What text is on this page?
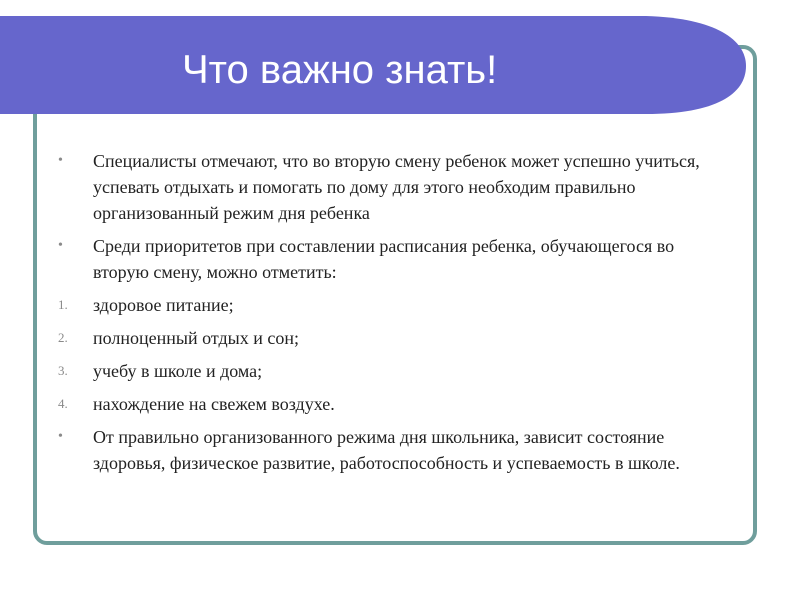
Что важно знать!
•	Специалисты отмечают, что во вторую смену ребенок может успешно учиться, успевать отдыхать и помогать по дому для этого необходим правильно организованный режим дня ребенка
•	Среди приоритетов при составлении расписания ребенка, обучающегося во вторую смену, можно отметить:
1.	здоровое питание;
2.	полноценный отдых и сон;
3.	учебу в школе и дома;
4.	нахождение на свежем воздухе.
•	От правильно организованного режима дня школьника, зависит состояние здоровья, физическое развитие, работоспособность и успеваемость в школе.
